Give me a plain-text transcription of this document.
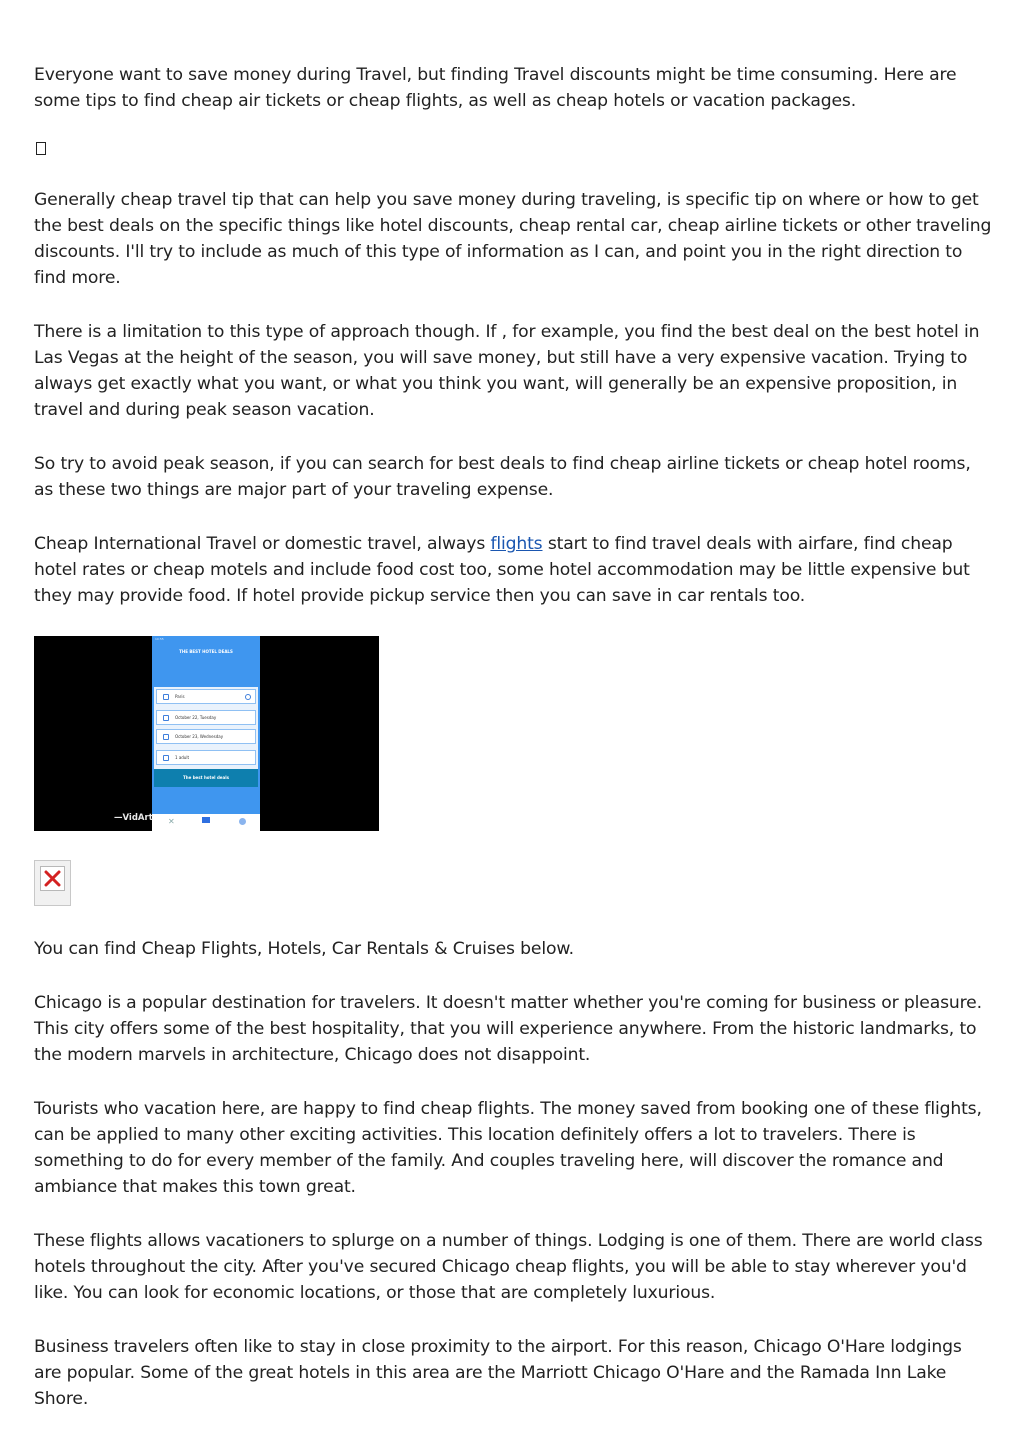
Everyone want to save money during Travel, but finding Travel discounts might be time consuming. Here are some tips to find cheap air tickets or cheap flights, as well as cheap hotels or vacation packages.

Generally cheap travel tip that can help you save money during traveling, is specific tip on where or how to get the best deals on the specific things like hotel discounts, cheap rental car, cheap airline tickets or other traveling discounts. I'll try to include as much of this type of information as I can, and point you in the right direction to find more.

There is a limitation to this type of approach though. If , for example, you find the best deal on the best hotel in Las Vegas at the height of the season, you will save money, but still have a very expensive vacation. Trying to always get exactly what you want, or what you think you want, will generally be an expensive proposition, in travel and during peak season vacation.

So try to avoid peak season, if you can search for best deals to find cheap airline tickets or cheap hotel rooms, as these two things are major part of your traveling expense.

Cheap International Travel or domestic travel, always flights start to find travel deals with airfare, find cheap hotel rates or cheap motels and include food cost too, some hotel accommodation may be little expensive but they may provide food. If hotel provide pickup service then you can save in car rentals too.

10:55
THE BEST HOTEL DEALS
Paris
October 22, Tuesday
October 23, Wednesday
1 adult
The best hotel deals
✕
—VidArt

You can find Cheap Flights, Hotels, Car Rentals & Cruises below.

Chicago is a popular destination for travelers. It doesn't matter whether you're coming for business or pleasure. This city offers some of the best hospitality, that you will experience anywhere. From the historic landmarks, to the modern marvels in architecture, Chicago does not disappoint.

Tourists who vacation here, are happy to find cheap flights. The money saved from booking one of these flights, can be applied to many other exciting activities. This location definitely offers a lot to travelers. There is something to do for every member of the family. And couples traveling here, will discover the romance and ambiance that makes this town great.

These flights allows vacationers to splurge on a number of things. Lodging is one of them. There are world class hotels throughout the city. After you've secured Chicago cheap flights, you will be able to stay wherever you'd like. You can look for economic locations, or those that are completely luxurious.

Business travelers often like to stay in close proximity to the airport. For this reason, Chicago O'Hare lodgings are popular. Some of the great hotels in this area are the Marriott Chicago O'Hare and the Ramada Inn Lake Shore.
